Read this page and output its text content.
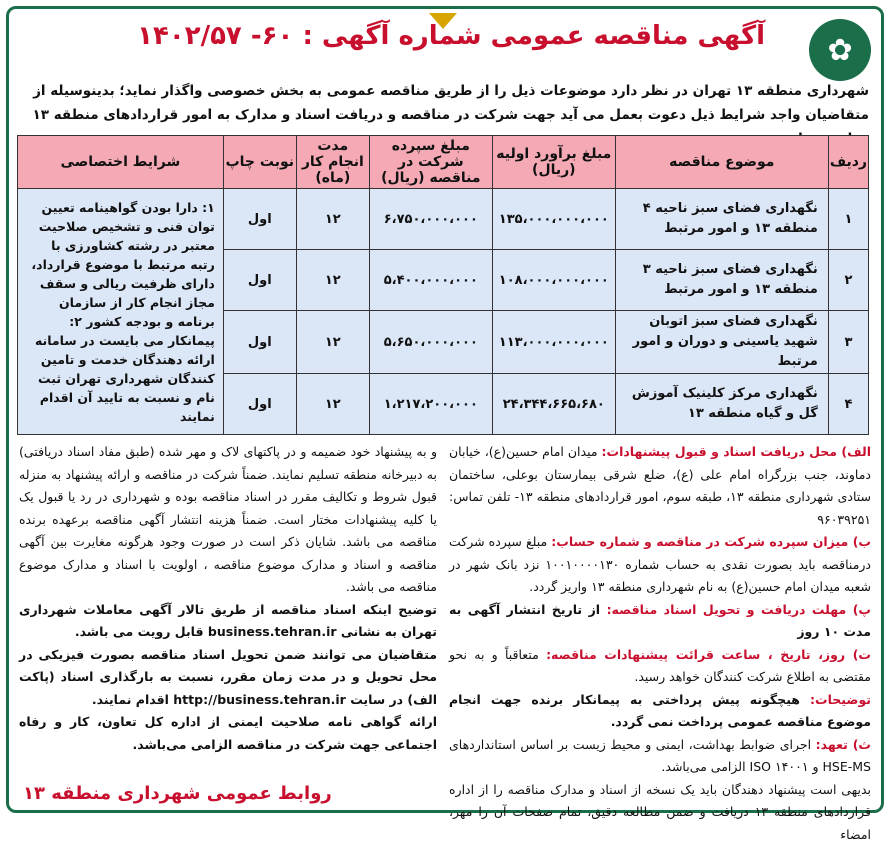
✿
آگهی مناقصه عمومی شماره آگهی : ۶۰- ۱۴۰۲/۵۷
شهرداری منطقه ۱۳ تهران در نظر دارد موضوعات ذیل را از طریق مناقصه عمومی به بخش خصوصی واگذار نماید؛ بدینوسیله از متقاضیان واجد شرایط ذیل دعوت بعمل می آید جهت شرکت در مناقصه و دریافت اسناد و مدارک به امور قراردادهای منطقه ۱۳
ردیف	موضوع مناقصه	مبلغ برآورد اولیه (ریال)	مبلغ سپرده شرکت در مناقصه (ریال)	مدت انجام کار (ماه)	نوبت چاپ	شرایط اختصاصی
۱	نگهداری فضای سبز ناحیه ۴ منطقه ۱۳ و امور مرتبط	۱۳۵،۰۰۰،۰۰۰،۰۰۰	۶،۷۵۰،۰۰۰،۰۰۰	۱۲	اول	۱: دارا بودن گواهینامه تعیین توان فنی و تشخیص صلاحیت معتبر در رشته کشاورزی با رتبه مرتبط با موضوع قرارداد، دارای ظرفیت ریالی و سقف مجاز انجام کار از سازمان برنامه و بودجه کشور ۲: پیمانکار می بایست در سامانه ارائه دهندگان خدمت و تامین کنندگان شهرداری تهران ثبت نام و نسبت به تایید آن اقدام نمایند
۲	نگهداری فضای سبز ناحیه ۳ منطقه ۱۳ و امور مرتبط	۱۰۸،۰۰۰،۰۰۰،۰۰۰	۵،۴۰۰،۰۰۰،۰۰۰	۱۲	اول	
۳	نگهداری فضای سبز اتوبان شهید یاسینی و دوران و امور مرتبط	۱۱۳،۰۰۰،۰۰۰،۰۰۰	۵،۶۵۰،۰۰۰،۰۰۰	۱۲	اول	
۴	نگهداری مرکز کلینیک آموزش گل و گیاه منطقه ۱۳	۲۴،۳۴۴،۶۶۵،۶۸۰	۱،۲۱۷،۲۰۰،۰۰۰	۱۲	اول	
الف) محل دریافت اسناد و قبول پیشنهادات: میدان امام حسین(ع)، خیابان دماوند، جنب بزرگراه امام علی (ع)، ضلع شرقی بیمارستان بوعلی، ساختمان ستادی شهرداری منطقه ۱۳، طبقه سوم، امور قراردادهای منطقه ۱۳- تلفن تماس: ۹۶۰۳۹۲۵۱
ب) میزان سپرده شرکت در مناقصه و شماره حساب: مبلغ سپرده شرکت درمناقصه باید بصورت نقدی به حساب شماره ۱۰۰۱۰۰۰۰۱۳۰ نزد بانک شهر در شعبه میدان امام حسین(ع) به نام شهرداری منطقه ۱۳ واریز گردد.
پ) مهلت دریافت و تحویل اسناد مناقصه: از تاریخ انتشار آگهی به مدت ۱۰ روز
ت) روز، تاریخ ، ساعت قرائت پیشنهادات مناقصه: متعاقباً و به نحو مقتضی به اطلاع شرکت کنندگان خواهد رسید.
توضیحات: هیچگونه پیش پرداختی به پیمانکار برنده جهت انجام موضوع مناقصه عمومی پرداخت نمی گردد.
ث) تعهد: اجرای ضوابط بهداشت، ایمنی و محیط زیست بر اساس استانداردهای HSE-MS و ISO ۱۴۰۰۱ الزامی می‌باشد.
بدیهی است پیشنهاد دهندگان باید یک نسخه از اسناد و مدارک مناقصه را از اداره قراردادهای منطقه ۱۳ دریافت و ضمن مطالعه دقیق، تمام صفحات آن را مهر، امضاء
و به پیشنهاد خود ضمیمه و در پاکتهای لاک و مهر شده (طبق مفاد اسناد دریافتی) به دبیرخانه منطقه تسلیم نمایند. ضمناً شرکت در مناقصه و ارائه پیشنهاد به منزله قبول شروط و تکالیف مقرر در اسناد مناقصه بوده و شهرداری در رد یا قبول یک یا کلیه پیشنهادات مختار است. ضمناً هزینه انتشار آگهی مناقصه برعهده برنده مناقصه می باشد. شایان ذکر است در صورت وجود هرگونه مغایرت بین آگهی مناقصه و اسناد و مدارک موضوع مناقصه ، اولویت با اسناد و مدارک موضوع مناقصه می باشد.
توضیح اینکه اسناد مناقصه از طریق تالار آگهی معاملات شهرداری تهران به نشانی business.tehran.ir قابل رویت می باشد.
متقاضیان می توانند ضمن تحویل اسناد مناقصه بصورت فیزیکی در محل تحویل و در مدت زمان مقرر، نسبت به بارگذاری اسناد (پاکت الف) در سایت http://business.tehran.ir اقدام نمایند.
ارائه گواهی نامه صلاحیت ایمنی از اداره کل تعاون، کار و رفاه اجتماعی جهت شرکت در مناقصه الزامی می‌باشد.
روابط عمومی شهرداری منطقه ۱۳
